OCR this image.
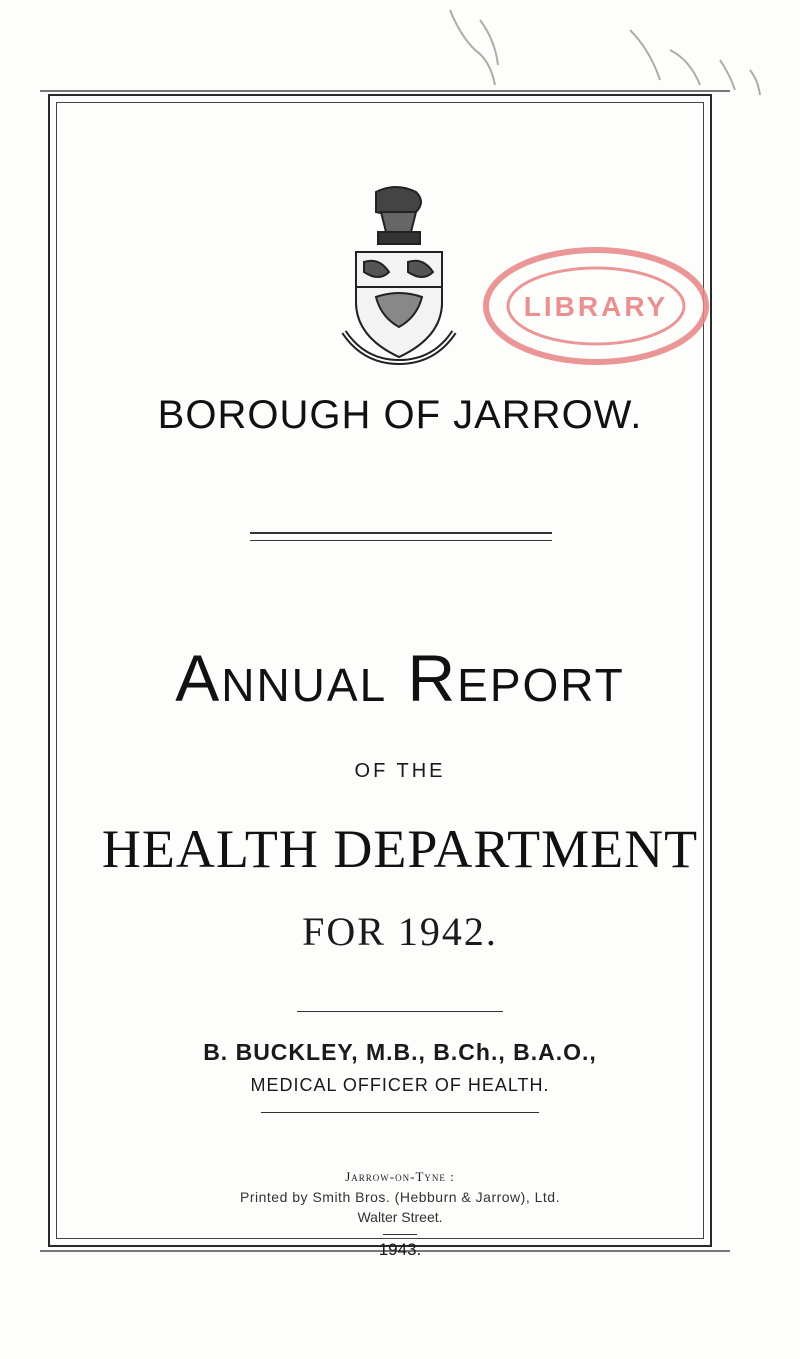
LIBRARY
BOROUGH OF JARROW.
Annual Report
OF THE
HEALTH DEPARTMENT
FOR 1942.
B. BUCKLEY, M.B., B.Ch., B.A.O.,
MEDICAL OFFICER OF HEALTH.
Jarrow-on-Tyne :
Printed by Smith Bros. (Hebburn & Jarrow), Ltd.
Walter Street.
1943.
